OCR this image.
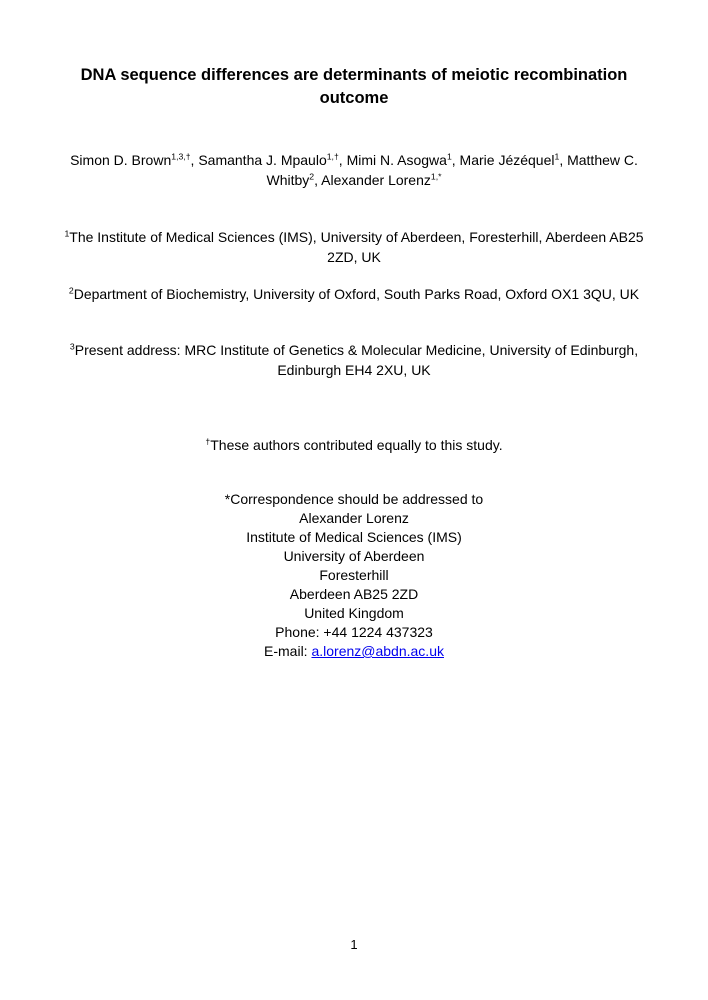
DNA sequence differences are determinants of meiotic recombination outcome

Simon D. Brown$^{1,3,\dagger}$, Samantha J. Mpaulo$^{1,\dagger}$, Mimi N. Asogwa$^1$, Marie Jézéquel$^1$, Matthew C. Whitby$^2$, Alexander Lorenz$^{1,*}$

$^1$The Institute of Medical Sciences (IMS), University of Aberdeen, Foresterhill, Aberdeen AB25 2ZD, UK

$^2$Department of Biochemistry, University of Oxford, South Parks Road, Oxford OX1 3QU, UK

$^3$Present address: MRC Institute of Genetics & Molecular Medicine, University of Edinburgh, Edinburgh EH4 2XU, UK

†These authors contributed equally to this study.

*Correspondence should be addressed to
Alexander Lorenz
Institute of Medical Sciences (IMS)
University of Aberdeen
Foresterhill
Aberdeen AB25 2ZD
United Kingdom
Phone: +44 1224 437323
E-mail: a.lorenz@abdn.ac.uk
1
